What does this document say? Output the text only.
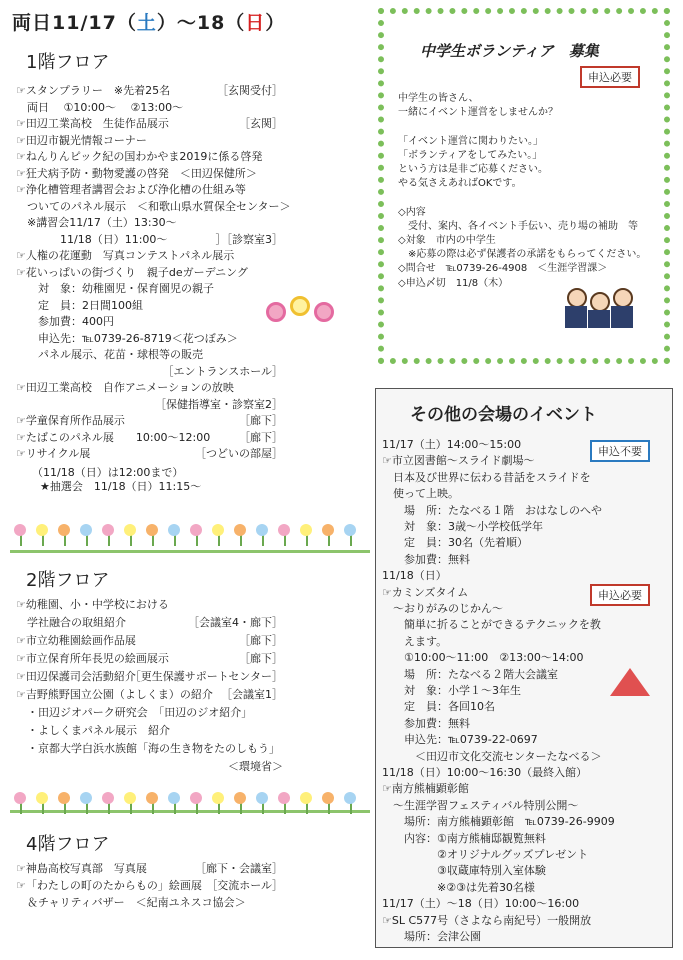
両日11/17（土）～18（日）
1階フロア
☞スタンプラリー　※先着25名	［玄関受付］
　両日　 ①10:00～　 ②13:00～
☞田辺工業高校　生徒作品展示	［玄関］
☞田辺市観光情報コーナー
☞ねんりんピック紀の国わかやま2019に係る啓発
☞狂犬病予防・動物愛護の啓発　＜田辺保健所＞
☞浄化槽管理者講習会および浄化槽の仕組み等
　ついてのパネル展示　＜和歌山県水質保全センター＞
　※講習会11/17（土）13:30～
　　　　11/18（日）11:00～	］［診察室3］
☞人権の花運動　写真コンテストパネル展示
☞花いっぱいの街づくり　親子deガーデニング
　　対　象：幼稚園児・保育園児の親子
　　定　員：2日間100組
　　参加費：400円
　　申込先：℡0739-26-8719＜花つぼみ＞
　　パネル展示、花苗・球根等の販売
［エントランスホール］
☞田辺工業高校　自作アニメーションの放映
［保健指導室・診察室2］
☞学童保育所作品展示	［廊下］
☞たばこのパネル展　　10:00～12:00	［廊下］
☞リサイクル展	［つどいの部屋］
（11/18（日）は12:00まで）
★抽選会　11/18（日）11:15～
2階フロア
☞幼稚園、小・中学校における
　学社融合の取組紹介	［会議室4・廊下］
☞市立幼稚園絵画作品展	［廊下］
☞市立保育所年長児の絵画展示	［廊下］
☞田辺保護司会活動紹介
［更生保護サポートセンター］
☞吉野熊野国立公園（よしくま）の紹介 ［会議室1］
　・田辺ジオパーク研究会　「田辺のジオ紹介」
　・よしくまパネル展示　紹介
　・京都大学白浜水族館「海の生き物をたのしもう」
＜環境省＞
4階フロア
☞神島高校写真部　写真展	［廊下・会議室］
☞「わたしの町のたからもの」絵画展 ［交流ホール］
　＆チャリティバザー　＜紀南ユネスコ協会＞
中学生ボランティア　募集
申込必要
中学生の皆さん、
一緒にイベント運営をしませんか？
「イベント運営に関わりたい。」
「ボランティアをしてみたい。」
という方は是非ご応募ください。
やる気さえあればOKです。
◇内容
　受付、案内、各イベント手伝い、売り場の補助　等
◇対象　市内の中学生
　※応募の際は必ず保護者の承諾をもらってください。
◇問合せ　℡0739-26-4908　＜生涯学習課＞
◇申込〆切　11/8（木）
その他の会場のイベント
申込不要
申込必要
11/17（土）14:00～15:00
☞市立図書館～スライド劇場～
　日本及び世界に伝わる昔話をスライドを
　使って上映。
　　場　所：たなべる１階　おはなしのへや
　　対　象：3歳～小学校低学年
　　定　員：30名（先着順）
　　参加費：無料
11/18（日）
☞カミンズタイム
　～おりがみのじかん～
　　簡単に折ることができるテクニックを教
　　えます。
　　①10:00～11:00　②13:00～14:00
　　場　所：たなべる２階大会議室
　　対　象：小学１～3年生
　　定　員：各回10名
　　参加費：無料
　　申込先：℡0739-22-0697
　　　＜田辺市文化交流センターたなべる＞
11/18（日）10:00～16:30（最終入館）
☞南方熊楠顕彰館
　～生涯学習フェスティバル特別公開～
　　場所：南方熊楠顕彰館　℡0739-26-9909
　　内容：①南方熊楠邸観覧無料
　　　　　②オリジナルグッズプレゼント
　　　　　③収蔵庫特別入室体験
　　　　　※②③は先着30名様
11/17（土）～18（日）10:00～16:00
☞SL C577号（さよなら南紀号）一般開放
　　場所：会津公園
